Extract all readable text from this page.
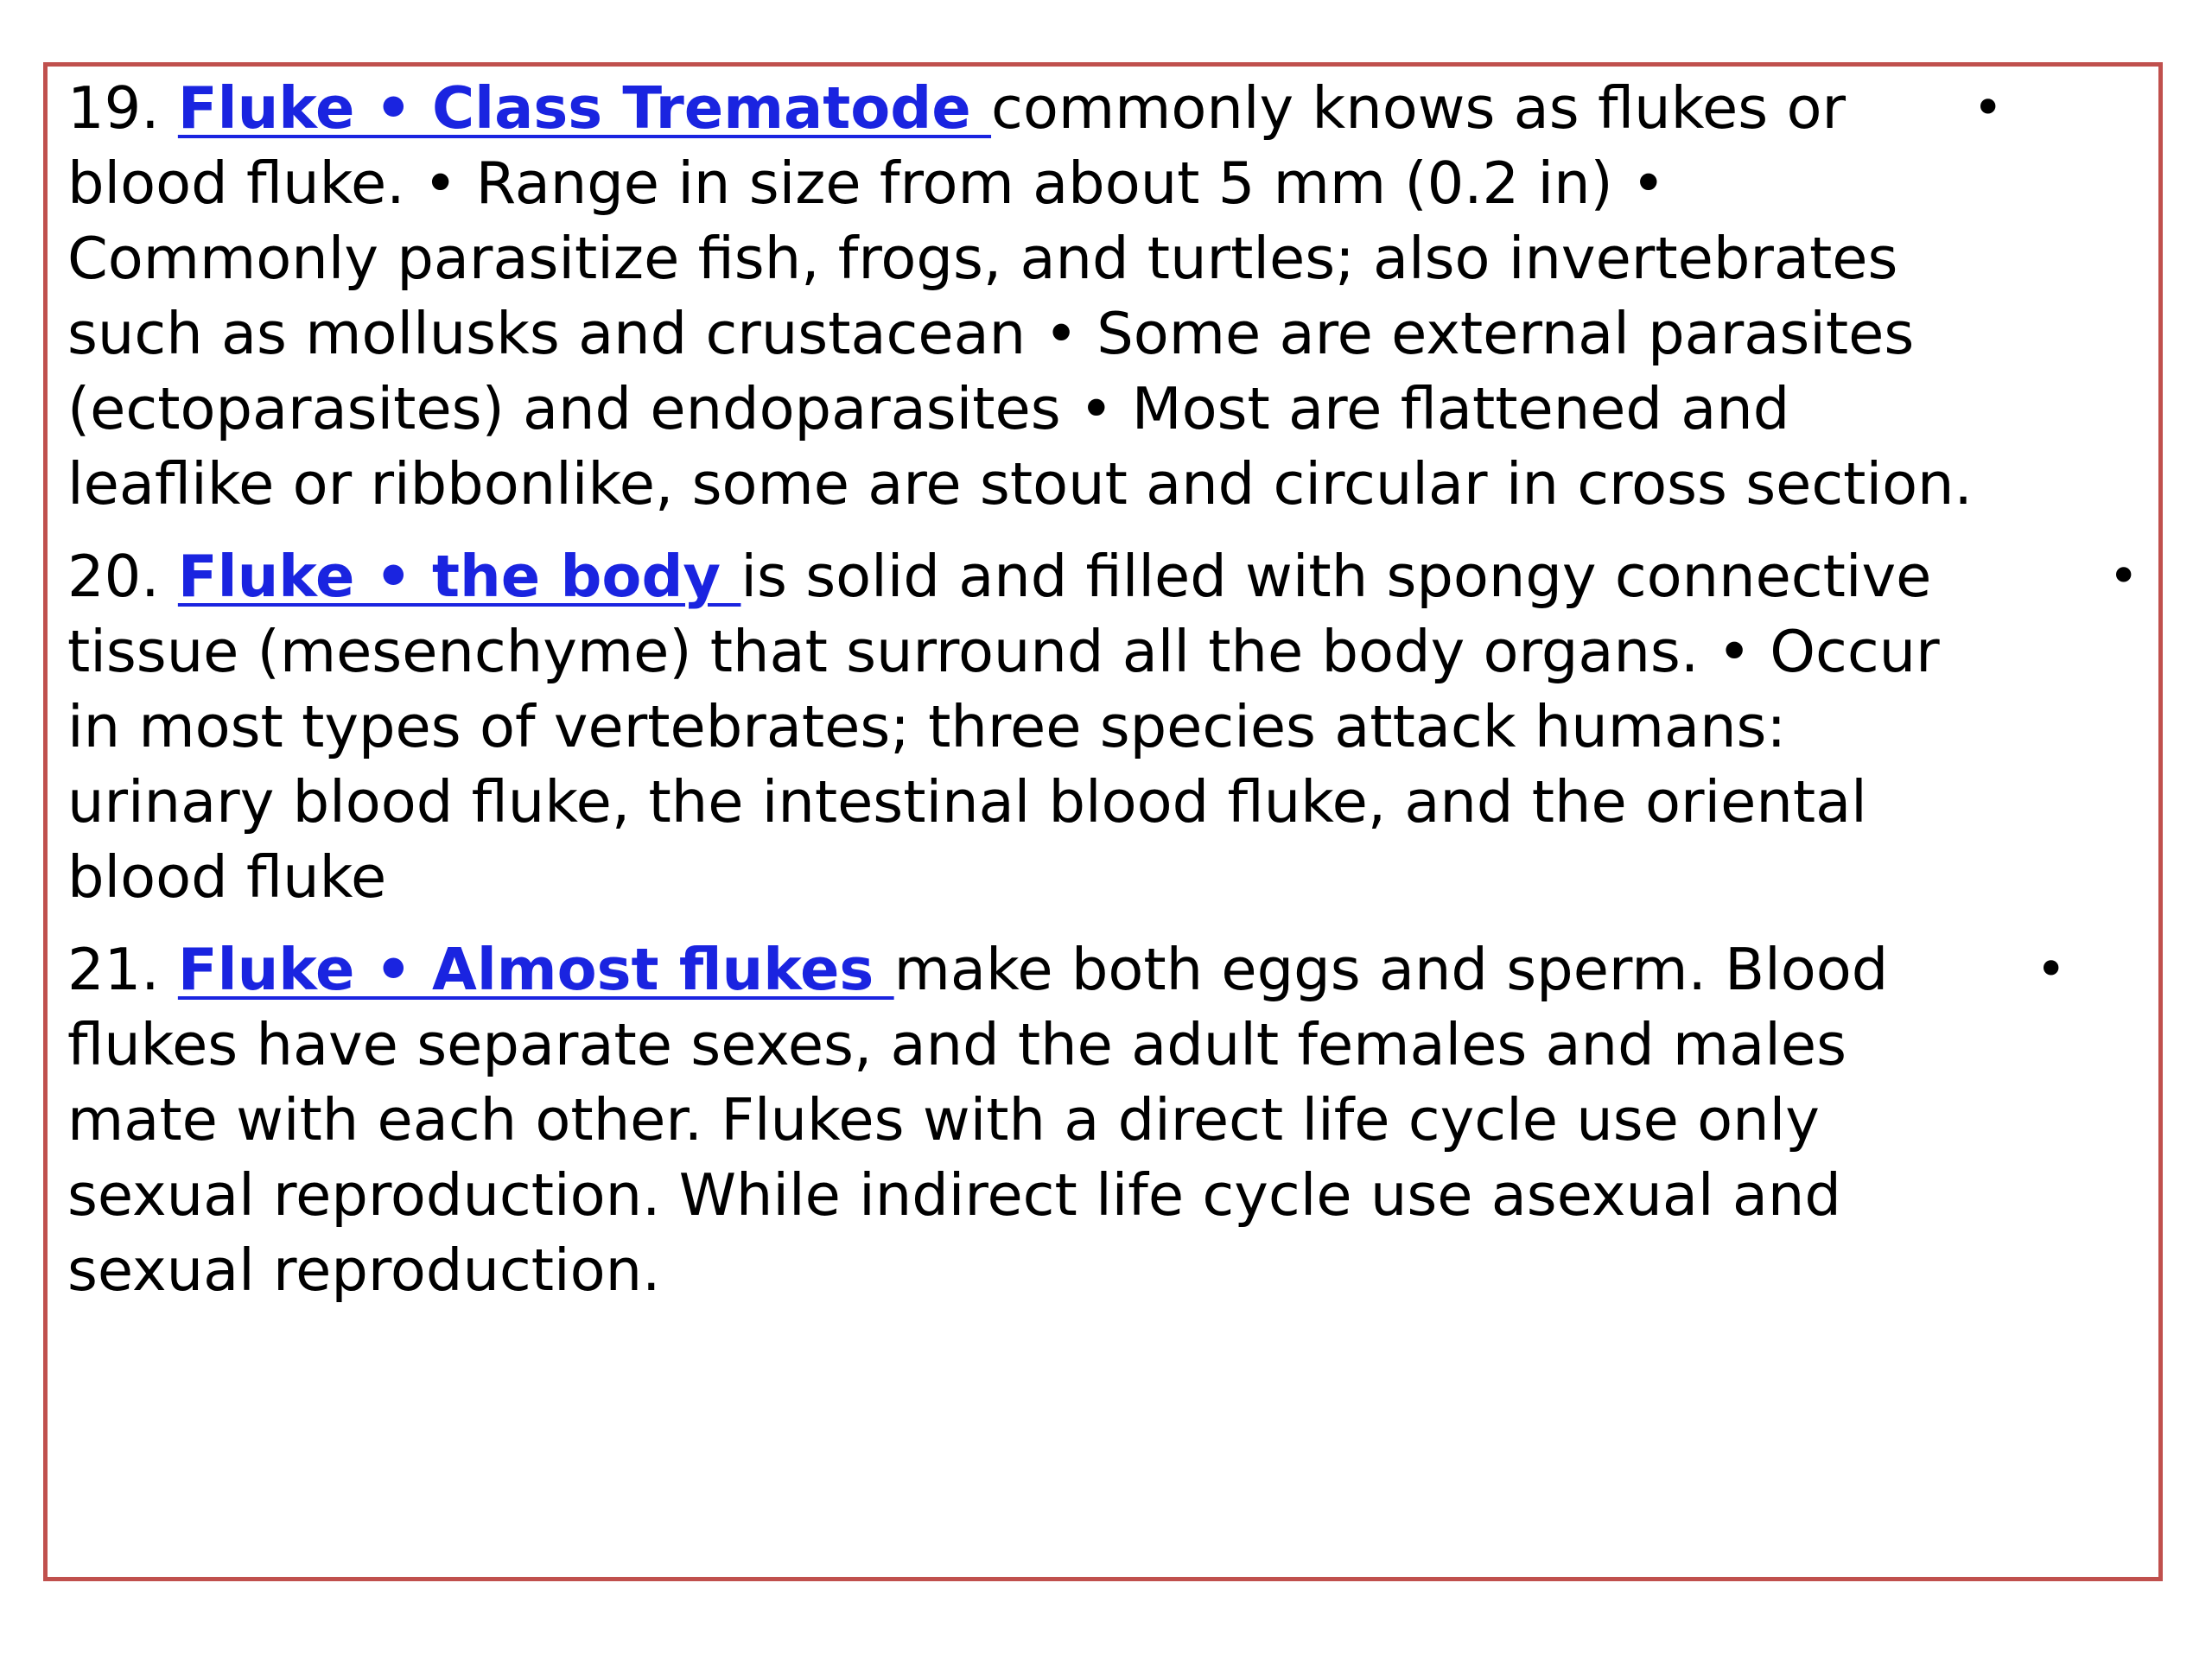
19. Fluke • Class Trematode commonly knows as flukes or blood fluke. • Range in size from about 5 mm (0.2 in) • Commonly parasitize fish, frogs, and turtles; also invertebrates such as mollusks and crustacean • Some are external parasites (ectoparasites) and endoparasites • Most are flattened and leaflike or ribbonlike, some are stout and circular in cross section.
•
20. Fluke • the body is solid and filled with spongy connective tissue (mesenchyme) that surround all the body organs. • Occur in most types of vertebrates; three species attack humans: urinary blood fluke, the intestinal blood fluke, and the oriental blood fluke
•
21. Fluke • Almost flukes make both eggs and sperm. Blood flukes have separate sexes, and the adult females and males mate with each other. Flukes with a direct life cycle use only sexual reproduction. While indirect life cycle use asexual and sexual reproduction.
•
